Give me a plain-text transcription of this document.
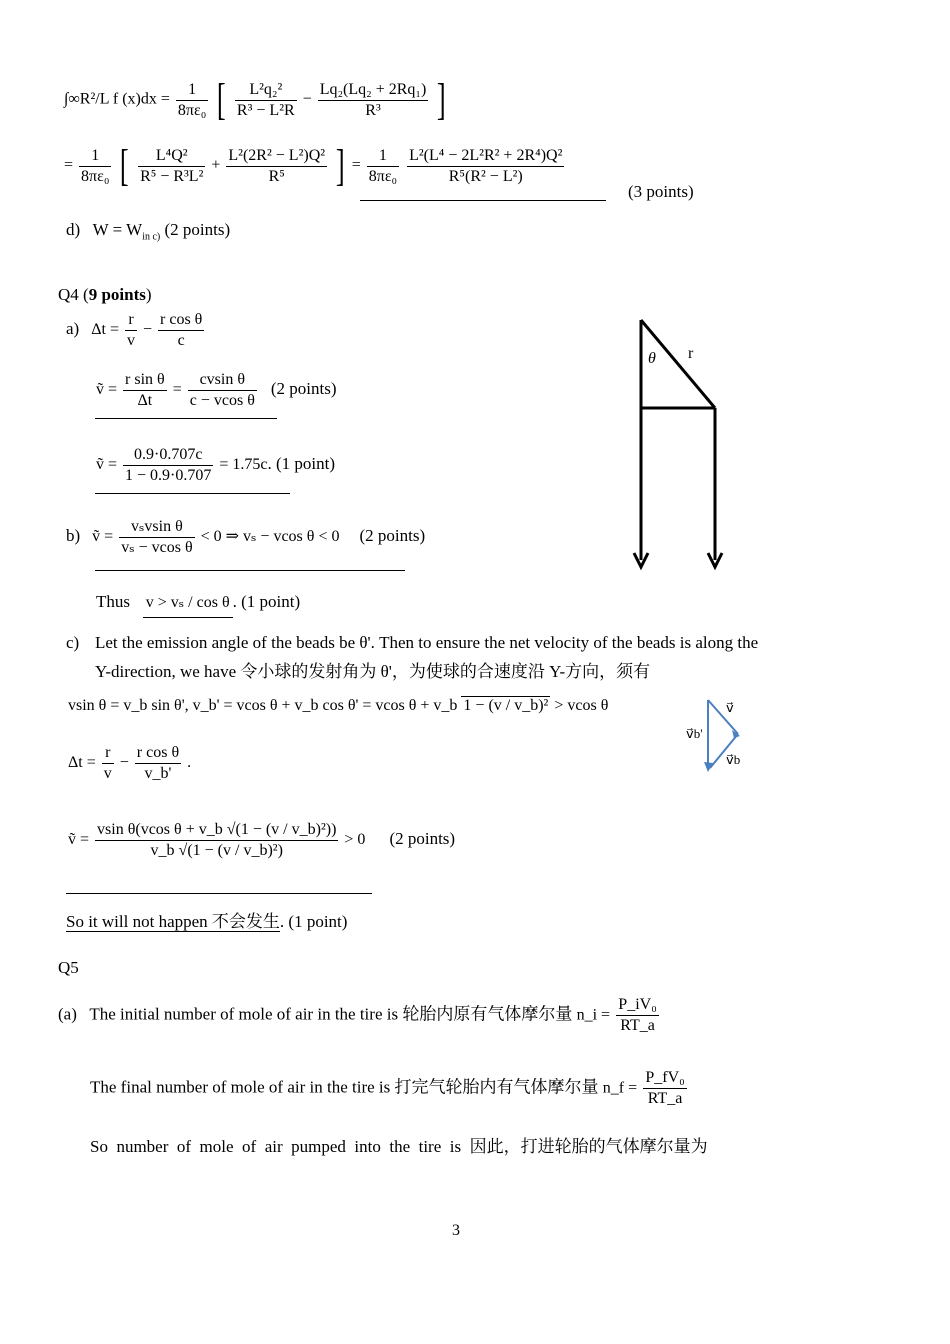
∫∞R²/L f $(x)dx = \frac{1}{\text{8πε₀}}$ [ $\frac{\text{L²q₂²}}{\text{R³ − L²R}} - \frac{\text{Lq₂(Lq₂ + 2Rq₁)}}{\text{R³}}$ ]
= $\frac{1}{\text{8πε₀}}$ [ $\frac{\text{L⁴Q²}}{\text{R⁵ − R³L²}} + \frac{\text{L²(2R² − L²)Q²}}{\text{R⁵}}$ ] = $\frac{1}{\text{8πε₀}}$
$\frac{\text{L²(L⁴ − 2L²R² + 2R⁴)Q²}}{\text{R⁵(R² − L²)}}$
(3 points)
d) $W = W_{in c)}$ (2 points)
Q4 (9 points)
a) $\Delta t = \frac{r}{v} - \frac{\text{r cos θ}}{c}$
ṽ = $\frac{\text{r sin θ}}{\Delta t} = \frac{\text{cvsin θ}}{\text{c − vcos θ}} (2$ points)
ṽ = $\frac{0.9\cdot 0.707c}{1 - 0.9\cdot 0.707} = 1.75c$. (1 point)
b) ṽ = $\frac{\text{vₛvsin θ}}{\text{vₛ − vcos θ}} < 0$ ⇒ vₛ − vcos θ < 0 (2 points)
Thus v > vₛ / cos θ . (1 point)
c) Let the emission angle of the beads be θ'. Then to ensure the net velocity of the beads is along the
Y-direction, we have 令小球的发射角为 θ'，为使球的合速度沿 Y-方向，须有
vsin θ = v_b sin θ', v_b' = vcos θ + v_b cos θ' = vcos θ + v_b 1 − (v / v_b)² > vcos θ
$\Delta t = \frac{r}{v} - \frac{\text{r cos θ}}{v\_b'}$ .
ṽ = $\frac{\text{vsin θ(vcos θ + v\_b √(1 − (v / v\_b)²))}}{\text{v\_b √(1 − (v / v\_b)²)}} > 0$ (2 points)
So it will not happen 不会发生. (1 point)
θ r
v⃗
v⃗b'
v⃗b
Q5
(a) The initial number of mole of air in the tire is 轮胎内原有气体摩尔量 n_i = $\frac{\text{P\_iV₀}}{RT\_a}$
The final number of mole of air in the tire is 打完气轮胎内有气体摩尔量 n_f = $\frac{\text{P\_fV₀}}{RT\_a}$
So  number  of  mole  of  air  pumped  into  the  tire  is  因此，打进轮胎的气体摩尔量为
3
